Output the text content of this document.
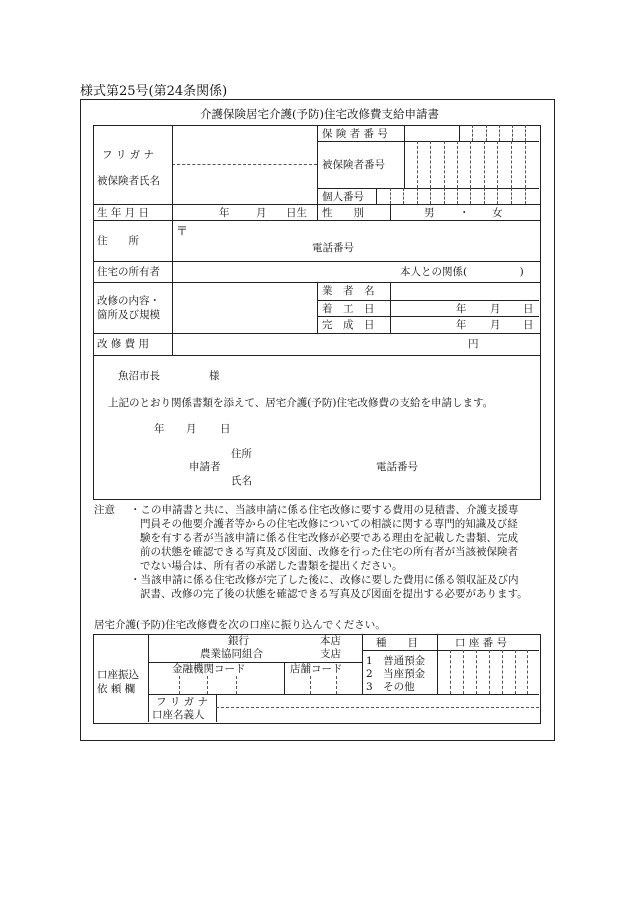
様式第25号(第24条関係)
介護保険居宅介護(予防)住宅改修費支給申請書
フ リ ガ ナ
被保険者氏名
保 険 者 番 号
被保険者番号
個人番号
生 年 月 日	年	月 日生 性　　別	男 ・ 女
住　　所
〒
電話番号
住宅の所有者	本人との関係(　　　　　)
改修の内容・
箇所及び規模
業　者　名
着　工　日	年 月 日
完　成　日	年 月 日
改 修 費 用	円
魚沼市長	様
上記のとおり関係書類を添えて、居宅介護(予防)住宅改修費の支給を申請します。
年 月 日
住所
申請者	電話番号
氏名
注意 ・この申請書と共に、当該申請に係る住宅改修に要する費用の見積書、介護支援専
門員その他要介護者等からの住宅改修についての相談に関する専門的知識及び経
験を有する者が当該申請に係る住宅改修が必要である理由を記載した書類、完成
前の状態を確認できる写真及び図面、改修を行った住宅の所有者が当該被保険者
でない場合は、所有者の承諾した書類を提出ください。
・当該申請に係る住宅改修が完了した後に、改修に要した費用に係る領収証及び内
訳書、改修の完了後の状態を確認できる写真及び図面を提出する必要があります。
居宅介護(予防)住宅改修費を次の口座に振り込んでください。
口座振込
依 頼 欄
銀行
農業協同組合
本店
支店
金融機関コード	店舗コード
種　　目	口 座 番 号
1　普通預金
2　当座預金
3　その他
フ リ ガ ナ
口座名義人
